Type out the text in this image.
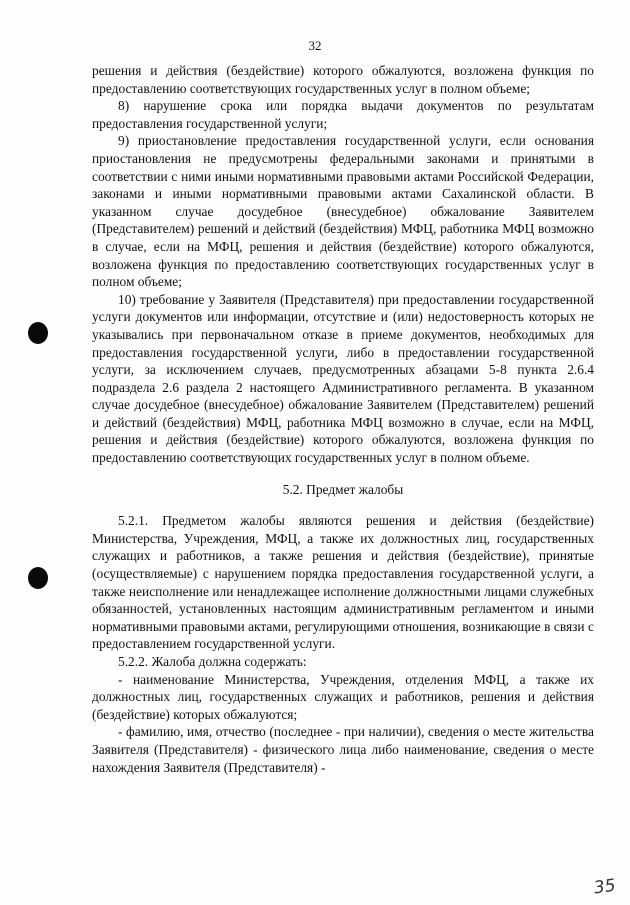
32

решения и действия (бездействие) которого обжалуются, возложена функция по предоставлению соответствующих государственных услуг в полном объеме;

8) нарушение срока или порядка выдачи документов по результатам предоставления государственной услуги;

9) приостановление предоставления государственной услуги, если основания приостановления не предусмотрены федеральными законами и принятыми в соответствии с ними иными нормативными правовыми актами Российской Федерации, законами и иными нормативными правовыми актами Сахалинской области. В указанном случае досудебное (внесудебное) обжалование Заявителем (Представителем) решений и действий (бездействия) МФЦ, работника МФЦ возможно в случае, если на МФЦ, решения и действия (бездействие) которого обжалуются, возложена функция по предоставлению соответствующих государственных услуг в полном объеме;

10) требование у Заявителя (Представителя) при предоставлении государственной услуги документов или информации, отсутствие и (или) недостоверность которых не указывались при первоначальном отказе в приеме документов, необходимых для предоставления государственной услуги, либо в предоставлении государственной услуги, за исключением случаев, предусмотренных абзацами 5-8 пункта 2.6.4 подраздела 2.6 раздела 2 настоящего Административного регламента. В указанном случае досудебное (внесудебное) обжалование Заявителем (Представителем) решений и действий (бездействия) МФЦ, работника МФЦ возможно в случае, если на МФЦ, решения и действия (бездействие) которого обжалуются, возложена функция по предоставлению соответствующих государственных услуг в полном объеме.

5.2. Предмет жалобы

5.2.1. Предметом жалобы являются решения и действия (бездействие) Министерства, Учреждения, МФЦ, а также их должностных лиц, государственных служащих и работников, а также решения и действия (бездействие), принятые (осуществляемые) с нарушением порядка предоставления государственной услуги, а также неисполнение или ненадлежащее исполнение должностными лицами служебных обязанностей, установленных настоящим административным регламентом и иными нормативными правовыми актами, регулирующими отношения, возникающие в связи с предоставлением государственной услуги.

5.2.2. Жалоба должна содержать:

- наименование Министерства, Учреждения, отделения МФЦ, а также их должностных лиц, государственных служащих и работников, решения и действия (бездействие) которых обжалуются;

- фамилию, имя, отчество (последнее - при наличии), сведения о месте жительства Заявителя (Представителя) - физического лица либо наименование, сведения о месте нахождения Заявителя (Представителя) -

35
